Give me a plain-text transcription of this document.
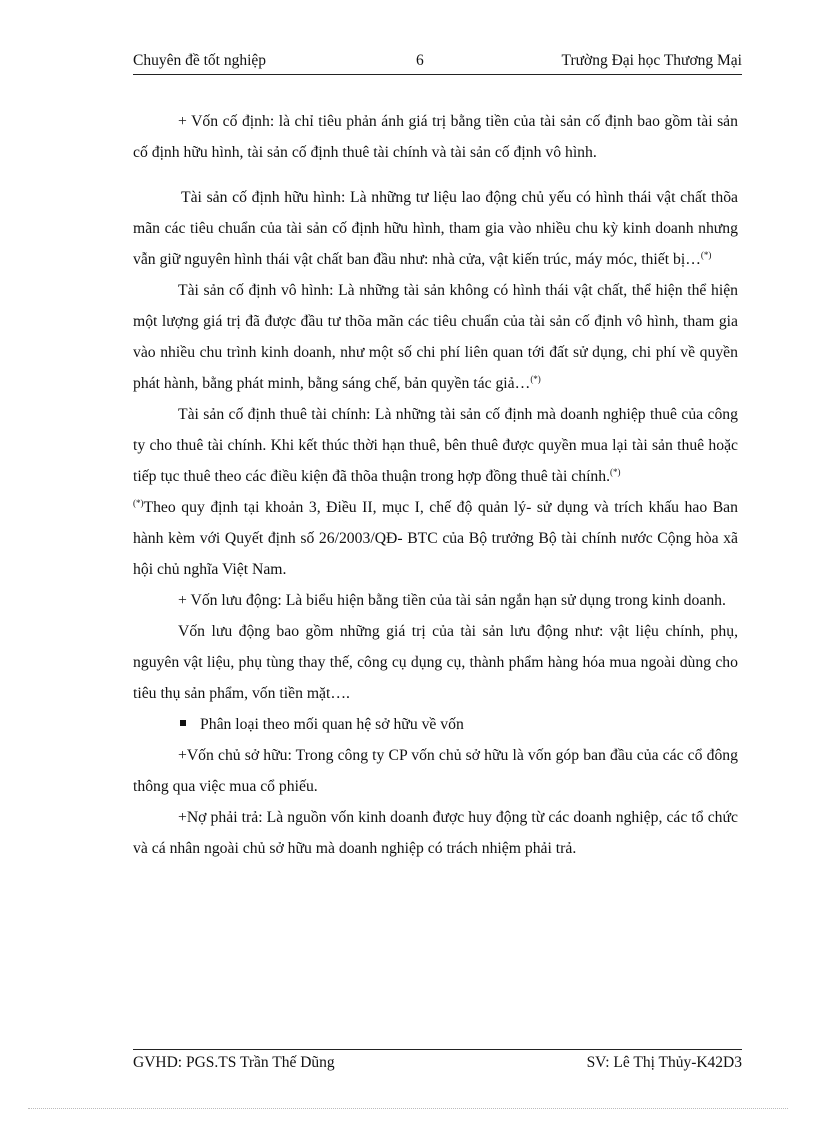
Chuyên đề tốt nghiệp	6	Trường Đại học Thương Mại

+ Vốn cố định: là chỉ tiêu phản ánh giá trị bằng tiền của tài sản cố định bao gồm tài sản cố định hữu hình, tài sản cố định thuê tài chính và tài sản cố định vô hình.

Tài sản cố định hữu hình: Là những tư liệu lao động chủ yếu có hình thái vật chất thõa mãn các tiêu chuẩn của tài sản cố định hữu hình, tham gia vào nhiều chu kỳ kinh doanh nhưng vẫn giữ nguyên hình thái vật chất ban đầu như: nhà cửa, vật kiến trúc, máy móc, thiết bị…(*)

Tài sản cố định vô hình: Là những tài sản không có hình thái vật chất, thể hiện thể hiện một lượng giá trị đã được đầu tư thõa mãn các tiêu chuẩn của tài sản cố định vô hình, tham gia vào nhiều chu trình kinh doanh, như một số chi phí liên quan tới đất sử dụng, chi phí về quyền phát hành, bằng phát minh, bằng sáng chế, bản quyền tác giả…(*)

Tài sản cố định thuê tài chính: Là những tài sản cố định mà doanh nghiệp thuê của công ty cho thuê tài chính. Khi kết thúc thời hạn thuê, bên thuê được quyền mua lại tài sản thuê hoặc tiếp tục thuê theo các điều kiện đã thõa thuận trong hợp đồng thuê tài chính.(*)

(*)Theo quy định tại khoản 3, Điều II, mục I, chế độ quản lý- sử dụng và trích khấu hao Ban hành kèm với Quyết định số 26/2003/QĐ- BTC của Bộ trưởng Bộ tài chính nước Cộng hòa xã hội chủ nghĩa Việt Nam.

+ Vốn lưu động: Là biểu hiện bằng tiền của tài sản ngắn hạn sử dụng trong kinh doanh.

Vốn lưu động bao gồm những giá trị của tài sản lưu động như: vật liệu chính, phụ, nguyên vật liệu, phụ tùng thay thế, công cụ dụng cụ, thành phẩm hàng hóa mua ngoài dùng cho tiêu thụ sản phẩm, vốn tiền mặt….

Phân loại theo mối quan hệ sở hữu về vốn

+Vốn chủ sở hữu: Trong công ty CP vốn chủ sở hữu là vốn góp ban đầu của các cổ đông thông qua việc mua cổ phiếu.

+Nợ phải trả: Là nguồn vốn kinh doanh được huy động từ các doanh nghiệp, các tổ chức và cá nhân ngoài chủ sở hữu mà doanh nghiệp có trách nhiệm phải trả.

GVHD: PGS.TS Trần Thế Dũng	SV: Lê Thị Thủy-K42D3
